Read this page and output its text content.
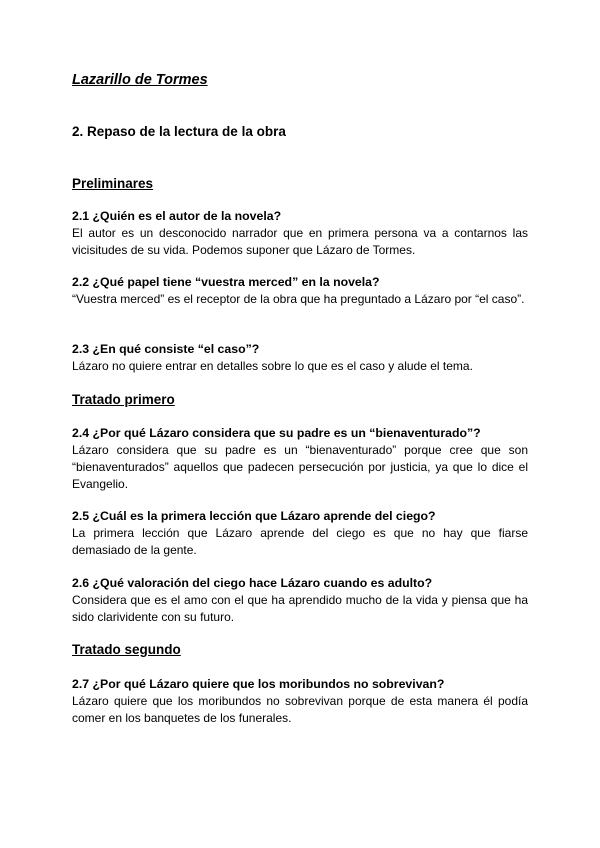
Lazarillo de Tormes
2. Repaso de la lectura de la obra
Preliminares

2.1 ¿Quién es el autor de la novela?

El autor es un desconocido narrador que en primera persona va a contarnos las vicisitudes de su vida. Podemos suponer que Lázaro de Tormes.

2.2 ¿Qué papel tiene “vuestra merced” en la novela?

“Vuestra merced” es el receptor de la obra que ha preguntado a Lázaro por “el caso”.

2.3 ¿En qué consiste “el caso”?

Lázaro no quiere entrar en detalles sobre lo que es el caso y alude el tema.

Tratado primero

2.4 ¿Por qué Lázaro considera que su padre es un “bienaventurado”?

Lázaro considera que su padre es un “bienaventurado” porque cree que son “bienaventurados” aquellos que padecen persecución por justicia, ya que lo dice el Evangelio.

2.5 ¿Cuál es la primera lección que Lázaro aprende del ciego?

La primera lección que Lázaro aprende del ciego es que no hay que fiarse demasiado de la gente.

2.6 ¿Qué valoración del ciego hace Lázaro cuando es adulto?

Considera que es el amo con el que ha aprendido mucho de la vida y piensa que ha sido clarividente con su futuro.

Tratado segundo

2.7 ¿Por qué Lázaro quiere que los moribundos no sobrevivan?

Lázaro quiere que los moribundos no sobrevivan porque de esta manera él podía comer en los banquetes de los funerales.
